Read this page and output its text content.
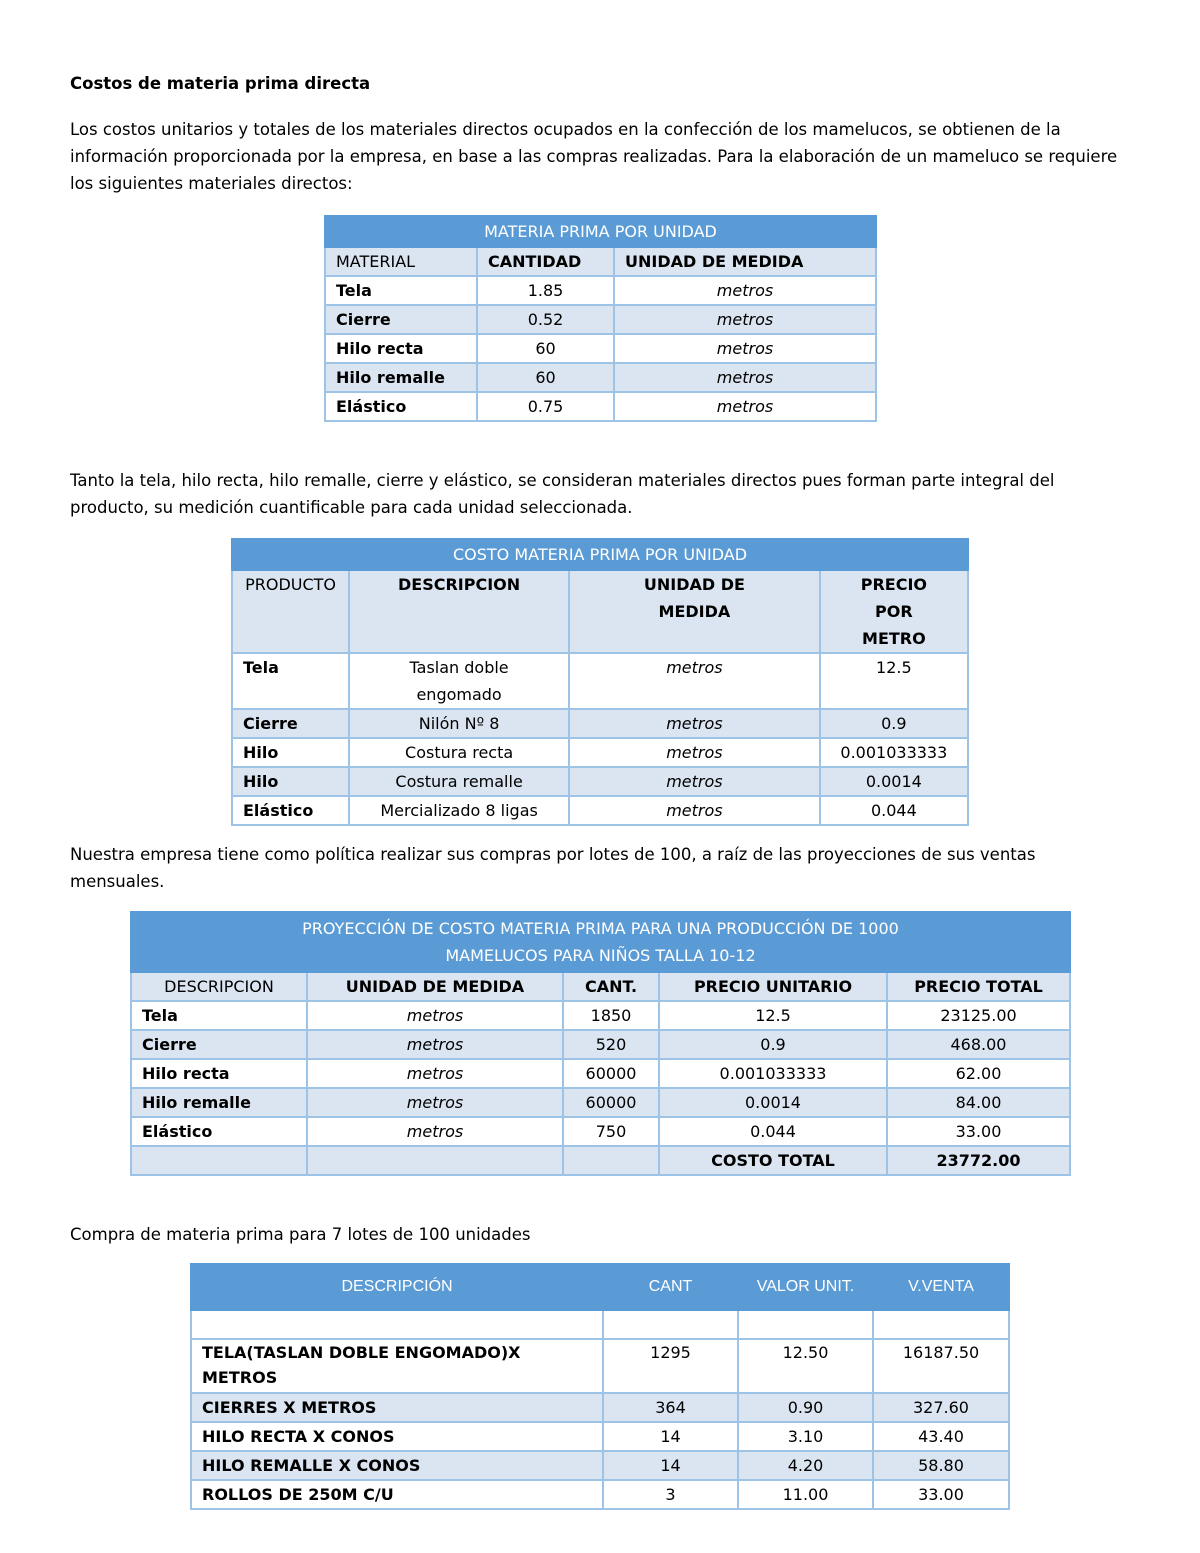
Costos de materia prima directa
Los costos unitarios y totales de los materiales directos ocupados en la confección de los mamelucos, se obtienen de la información proporcionada por la empresa, en base a las compras realizadas. Para la elaboración de un mameluco se requiere los siguientes materiales directos:
MATERIA PRIMA POR UNIDAD		
MATERIAL	CANTIDAD	UNIDAD DE MEDIDA
Tela	1.85	metros
Cierre	0.52	metros
Hilo recta	60	metros
Hilo remalle	60	metros
Elástico	0.75	metros
Tanto la tela, hilo recta, hilo remalle, cierre y elástico, se consideran materiales directos pues forman parte integral del producto, su medición cuantificable para cada unidad seleccionada.
COSTO MATERIA PRIMA POR UNIDAD			
PRODUCTO	DESCRIPCION	UNIDAD DE MEDIDA	PRECIO POR METRO
Tela	Taslan doble engomado	metros	12.5
Cierre	Nilón Nº 8	metros	0.9
Hilo	Costura recta	metros	0.001033333
Hilo	Costura remalle	metros	0.0014
Elástico	Mercializado 8 ligas	metros	0.044
Nuestra empresa tiene como política realizar sus compras por lotes de 100, a raíz de las proyecciones de sus ventas mensuales.
PROYECCIÓN DE COSTO MATERIA PRIMA PARA UNA PRODUCCIÓN DE 1000
MAMELUCOS PARA NIÑOS TALLA 10-12				

DESCRIPCION	UNIDAD DE MEDIDA	CANT.	PRECIO UNITARIO	PRECIO TOTAL
Tela	metros	1850	12.5	23125.00
Cierre	metros	520	0.9	468.00
Hilo recta	metros	60000	0.001033333	62.00
Hilo remalle	metros	60000	0.0014	84.00
Elástico	metros	750	0.044	33.00
			COSTO TOTAL	23772.00
Compra de materia prima para 7 lotes de 100 unidades
DESCRIPCIÓN	CANT	VALOR UNIT.	V.VENTA

TELA(TASLAN DOBLE ENGOMADO)X METROS	1295	12.50	16187.50
CIERRES X METROS	364	0.90	327.60
HILO RECTA X CONOS	14	3.10	43.40
HILO REMALLE X CONOS	14	4.20	58.80
ROLLOS DE 250M C/U	3	11.00	33.00
